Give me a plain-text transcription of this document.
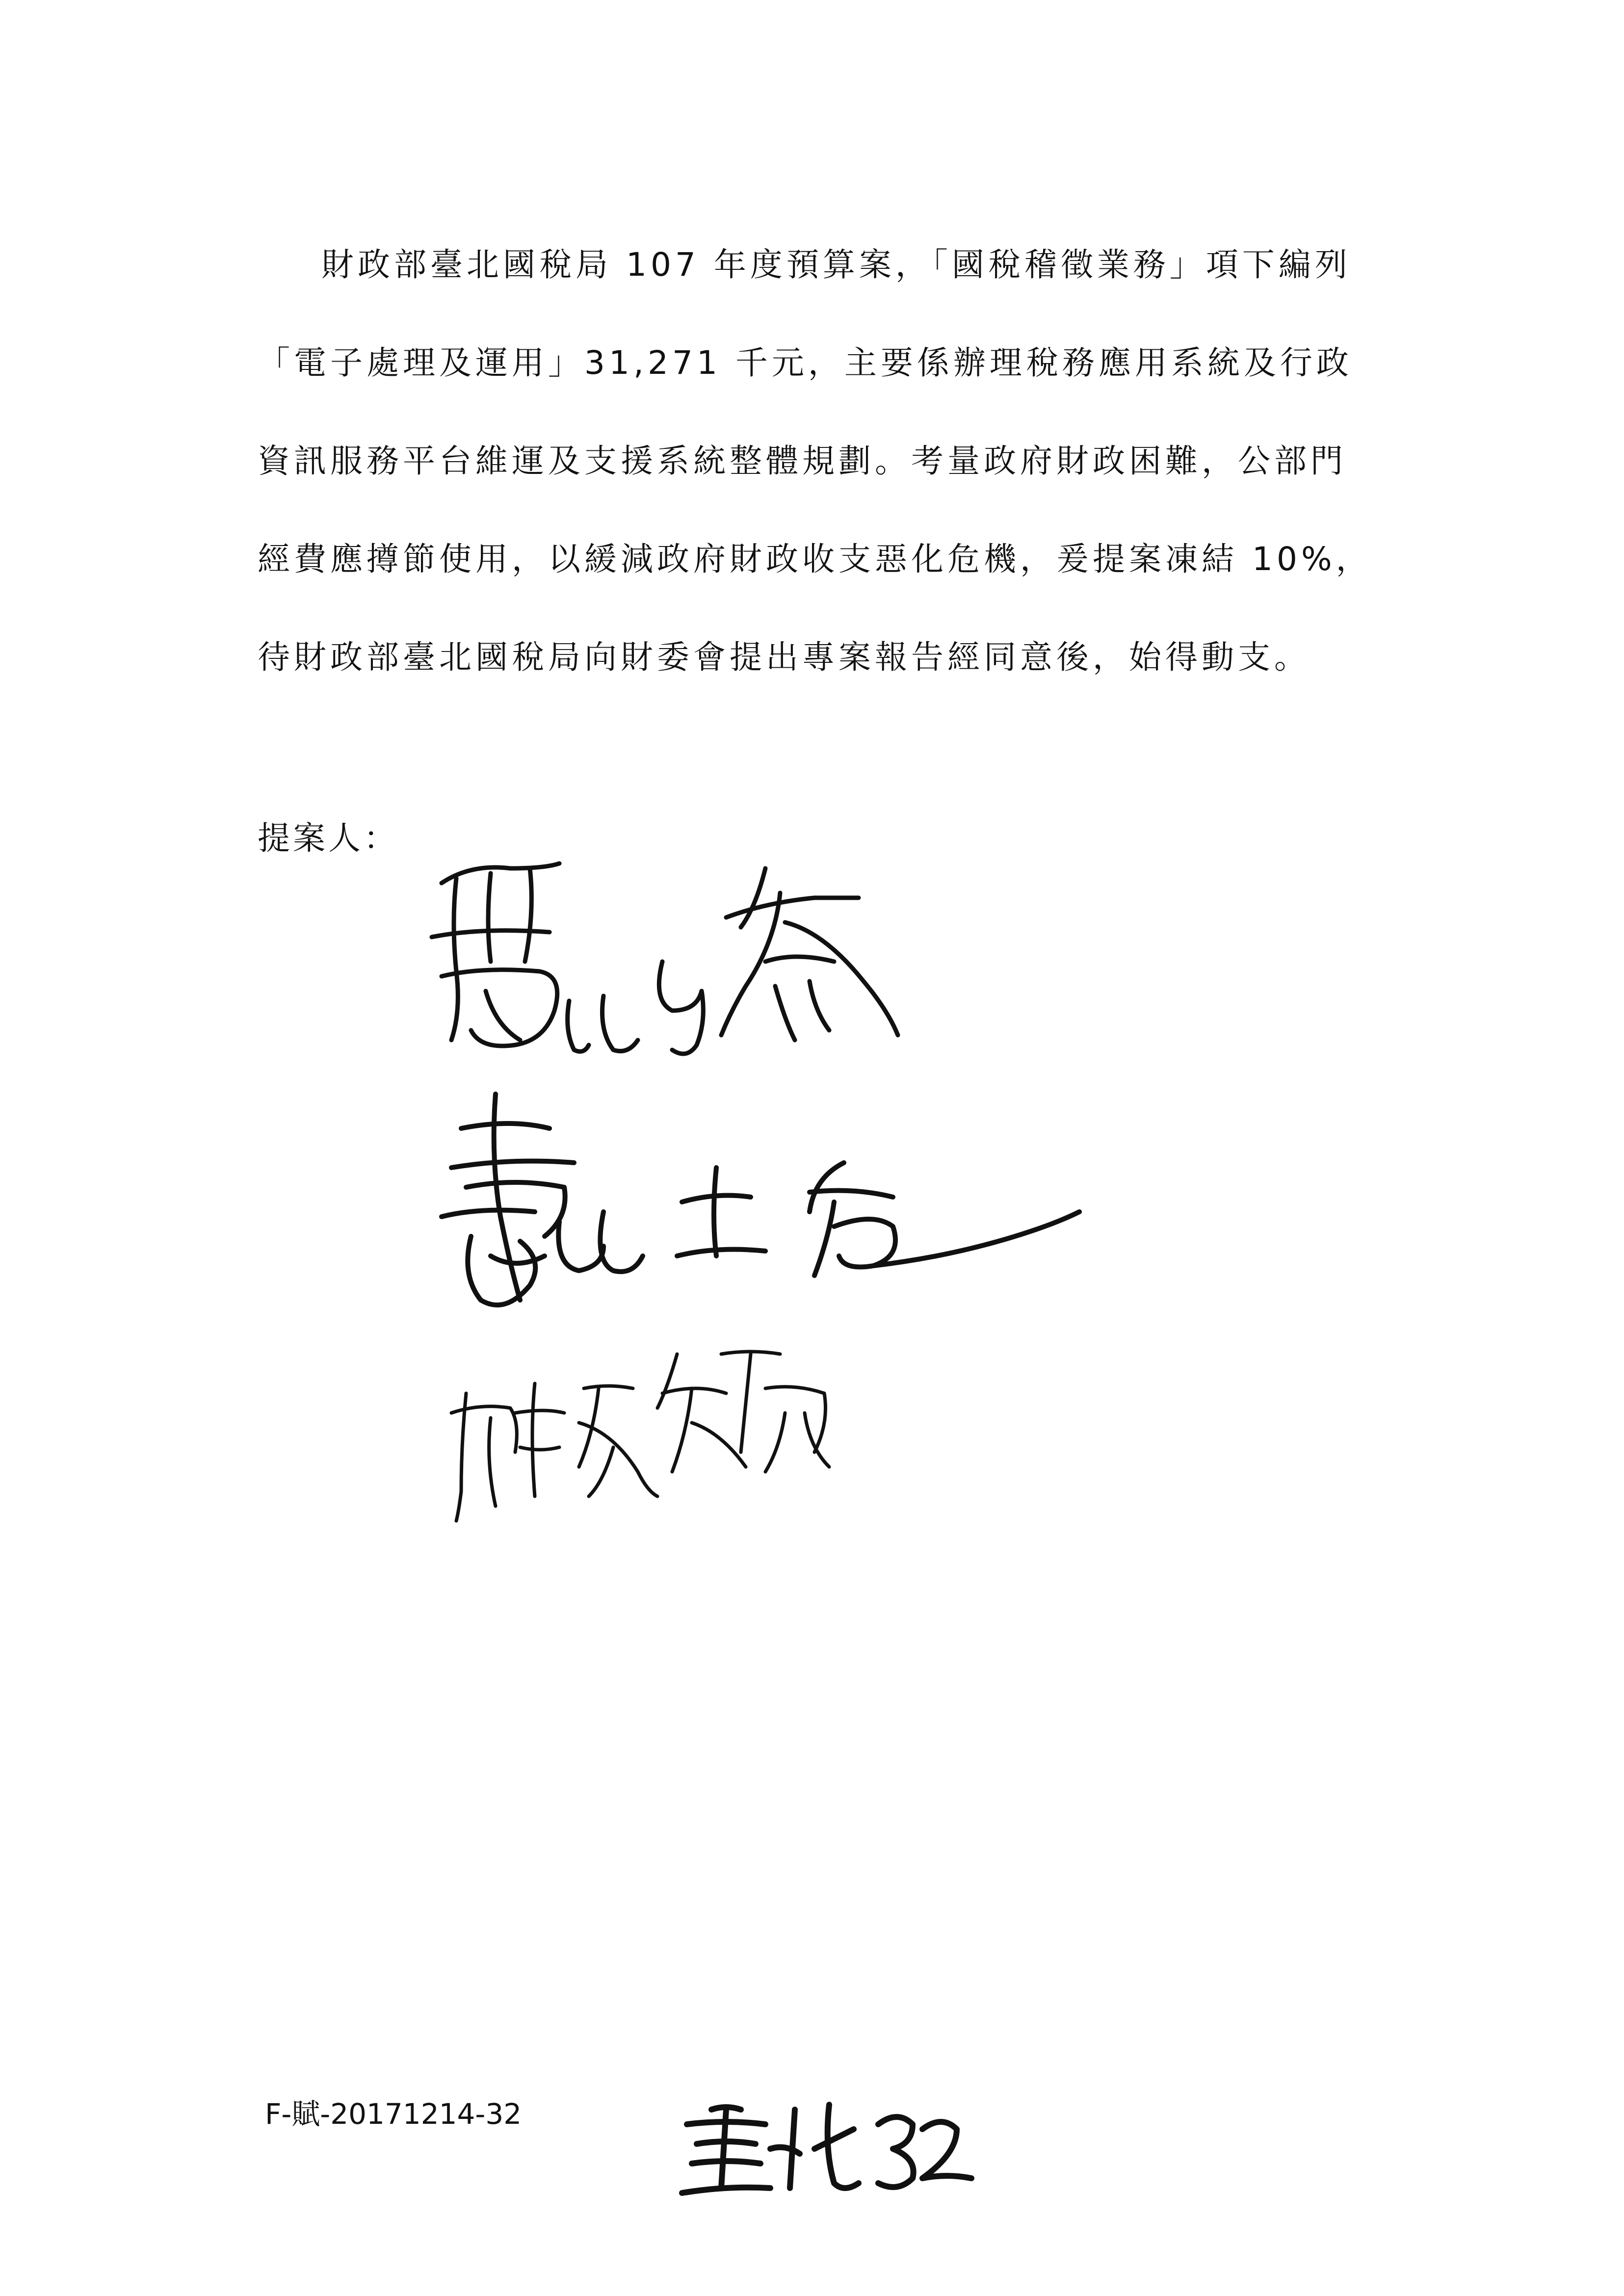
財政部臺北國稅局 107 年度預算案，「國稅稽徵業務」項下編列
「電子處理及運用」31,271 千元，主要係辦理稅務應用系統及行政
資訊服務平台維運及支援系統整體規劃。考量政府財政困難，公部門
經費應撙節使用，以緩減政府財政收支惡化危機，爰提案凍結 10%，
待財政部臺北國稅局向財委會提出專案報告經同意後，始得動支。
提案人：
F-賦-20171214-32
